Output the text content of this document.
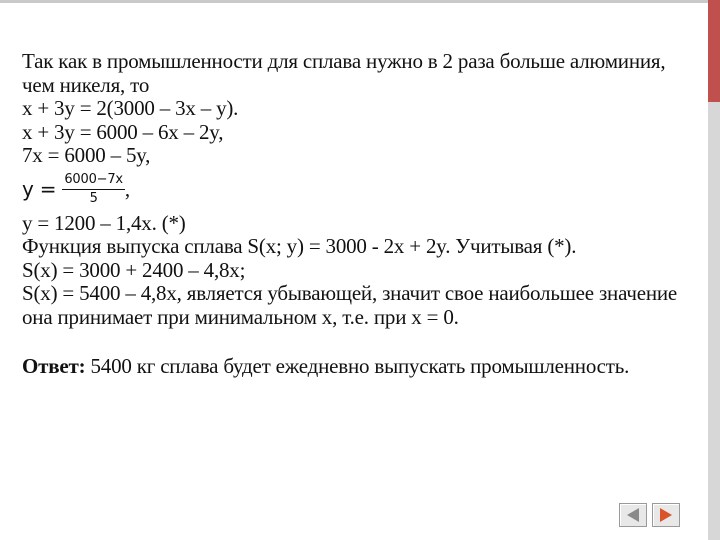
Так как в промышленности для сплава нужно в 2 раза больше алюминия, чем никеля, то
x + 3y = 2(3000 – 3x – y).
x + 3y = 6000 – 6x – 2y,
7x = 6000 – 5y,
$y = \frac{6000-7x}{5}$ ,
y = 1200 – 1,4x. (*)
Функция выпуска сплава S(x; y) = 3000 - 2x + 2y. Учитывая (*).
S(x) = 3000 + 2400 – 4,8x;
S(x) = 5400 – 4,8x, является убывающей, значит свое наибольшее значение она принимает при минимальном x, т.е. при x = 0.
Ответ: 5400 кг сплава будет ежедневно выпускать промышленность.
